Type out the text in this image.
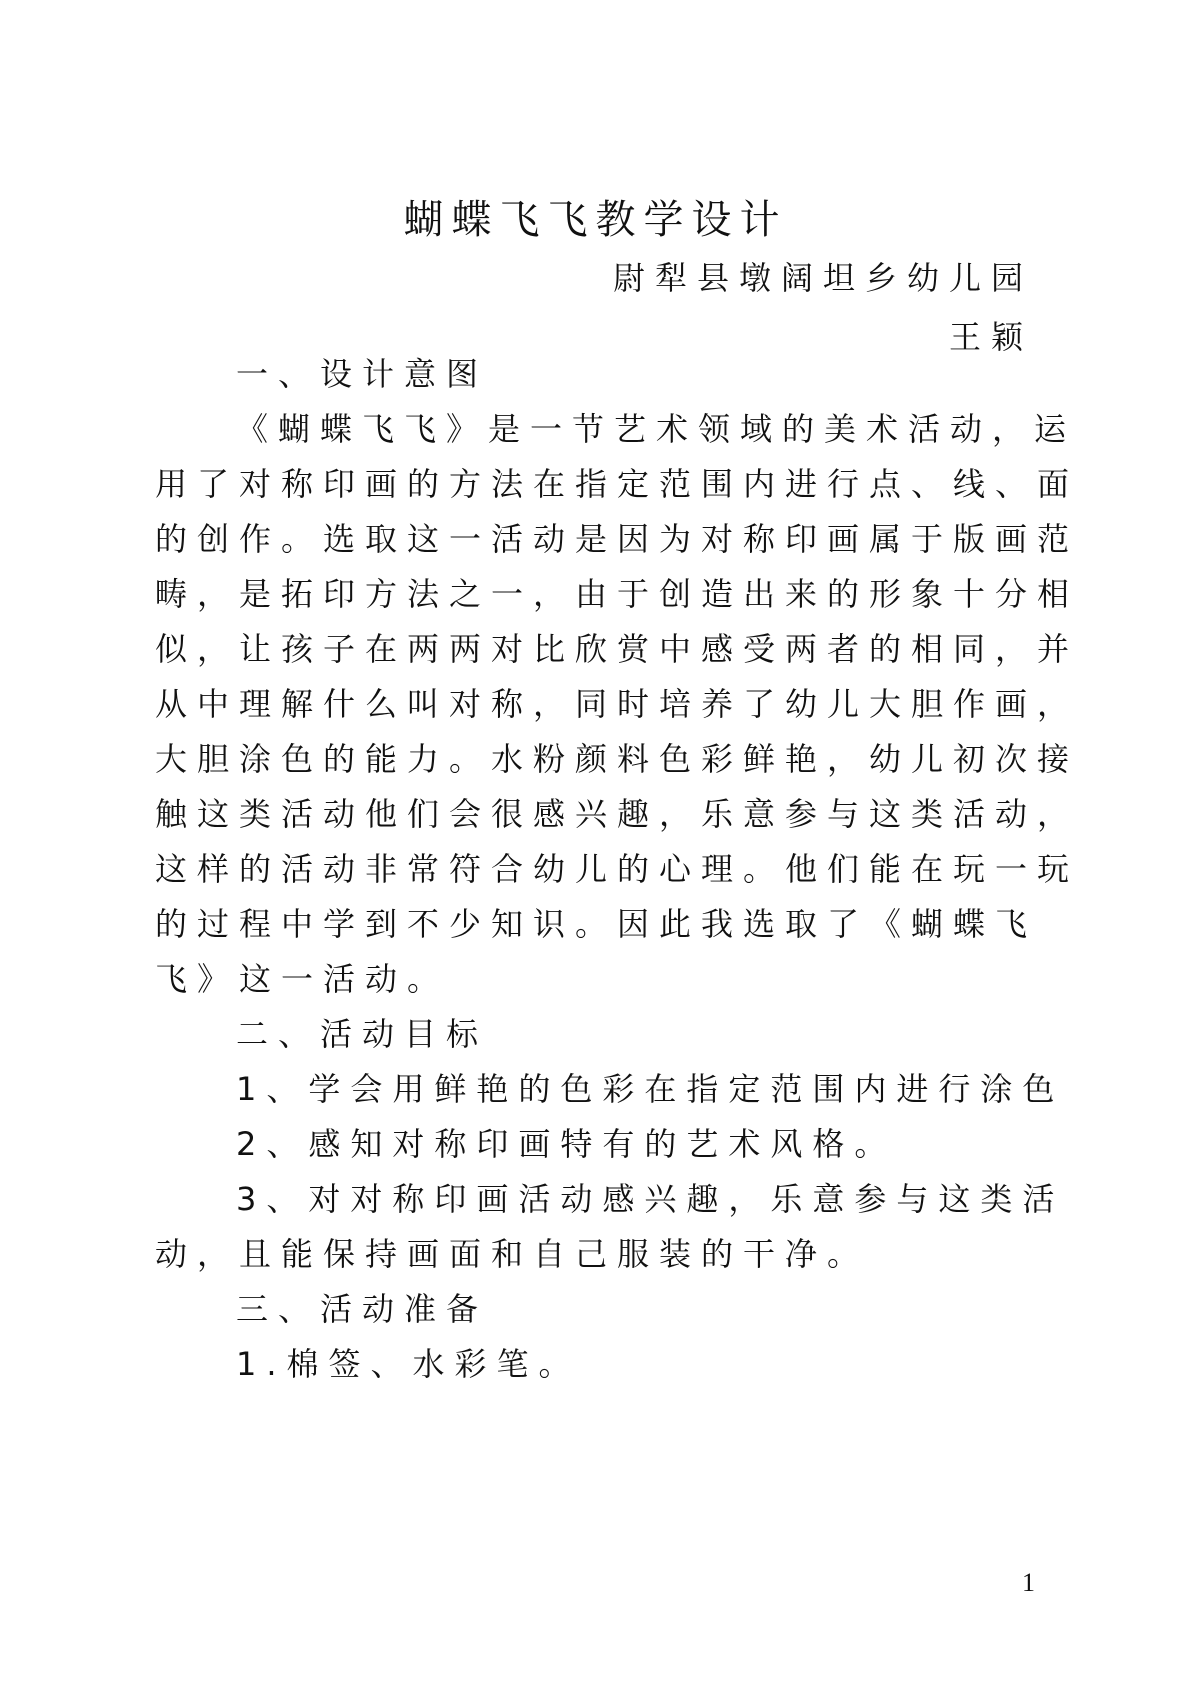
蝴蝶飞飞教学设计
尉犁县墩阔坦乡幼儿园
王颖
一、设计意图
《蝴蝶飞飞》是一节艺术领域的美术活动，运
用了对称印画的方法在指定范围内进行点、线、面
的创作。选取这一活动是因为对称印画属于版画范
畴，是拓印方法之一，由于创造出来的形象十分相
似，让孩子在两两对比欣赏中感受两者的相同，并
从中理解什么叫对称，同时培养了幼儿大胆作画，
大胆涂色的能力。水粉颜料色彩鲜艳，幼儿初次接
触这类活动他们会很感兴趣，乐意参与这类活动，
这样的活动非常符合幼儿的心理。他们能在玩一玩
的过程中学到不少知识。因此我选取了《蝴蝶飞
飞》这一活动。
二、活动目标
1、学会用鲜艳的色彩在指定范围内进行涂色
2、感知对称印画特有的艺术风格。
3、对对称印画活动感兴趣，乐意参与这类活
动，且能保持画面和自己服装的干净。
三、活动准备
1.棉签、水彩笔。
1
